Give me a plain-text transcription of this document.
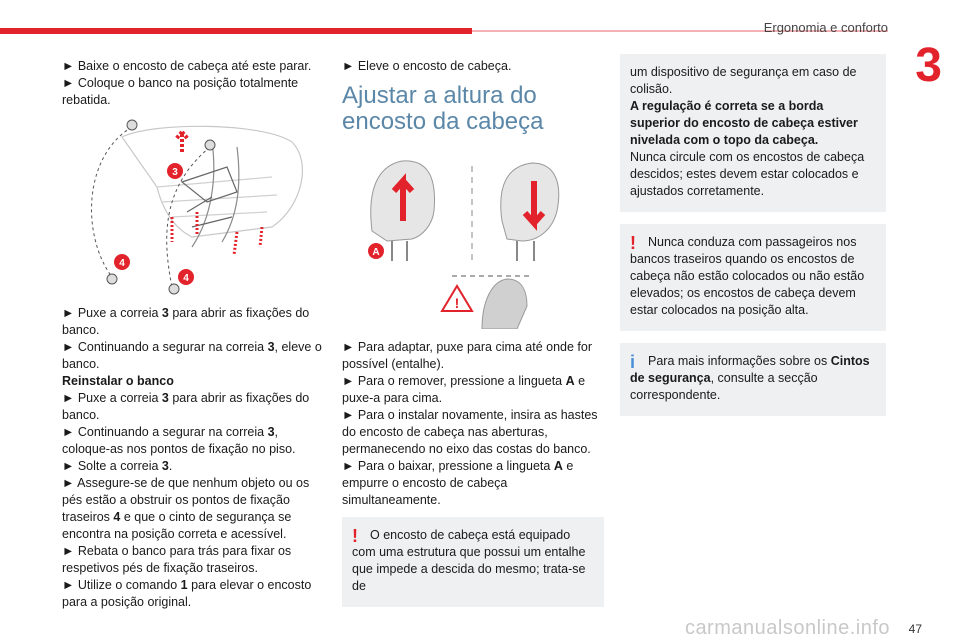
Ergonomia e conforto
3

► Baixe o encosto de cabeça até este parar.

► Coloque o banco na posição totalmente rebatida.

3
4
4

► Puxe a correia 3 para abrir as fixações do banco.

► Continuando a segurar na correia 3, eleve o banco.

Reinstalar o banco

► Puxe a correia 3 para abrir as fixações do banco.

► Continuando a segurar na correia 3, coloque-as nos pontos de fixação no piso.

► Solte a correia 3.

► Assegure-se de que nenhum objeto ou os pés estão a obstruir os pontos de fixação traseiros 4 e que o cinto de segurança se encontra na posição correta e acessível.

► Rebata o banco para trás para fixar os respetivos pés de fixação traseiros.

► Utilize o comando 1 para elevar o encosto para a posição original.

► Eleve o encosto de cabeça.

Ajustar a altura do
encosto da cabeça
A
!

► Para adaptar, puxe para cima até onde for possível (entalhe).

► Para o remover, pressione a lingueta A e puxe-a para cima.

► Para o instalar novamente, insira as hastes do encosto de cabeça nas aberturas, permanecendo no eixo das costas do banco.

► Para o baixar, pressione a lingueta A e empurre o encosto de cabeça simultaneamente.

! O encosto de cabeça está equipado com uma estrutura que possui um entalhe que impede a descida do mesmo; trata-se de

um dispositivo de segurança em caso de colisão.

A regulação é correta se a borda superior do encosto de cabeça estiver nivelada com o topo da cabeça.

Nunca circule com os encostos de cabeça descidos; estes devem estar colocados e ajustados corretamente.

! Nunca conduza com passageiros nos bancos traseiros quando os encostos de cabeça não estão colocados ou não estão elevados; os encostos de cabeça devem estar colocados na posição alta.

i	Para mais informações sobre os Cintos de segurança, consulte a secção correspondente.

47
carmanualsonline.info
